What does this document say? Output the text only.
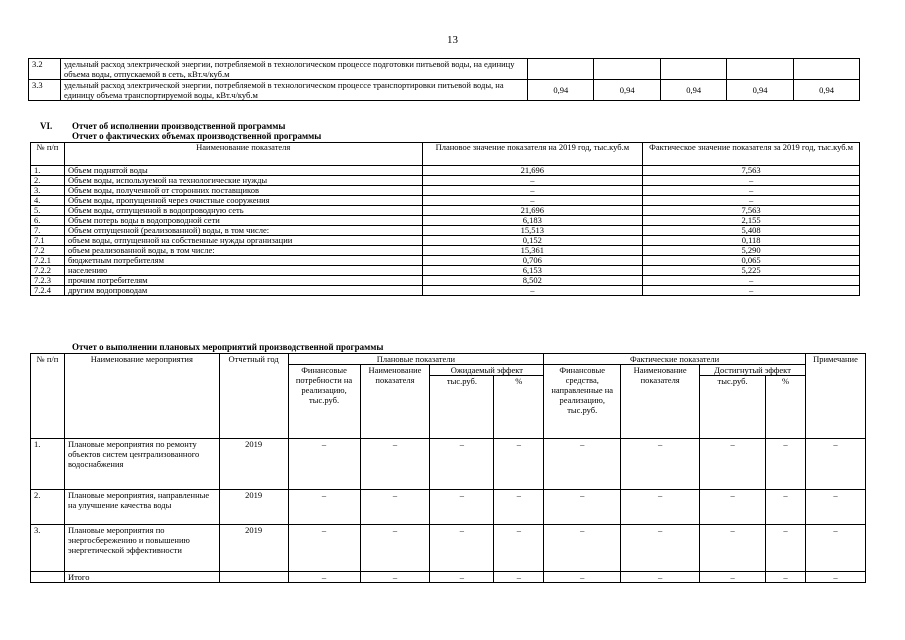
13
3.2	удельный расход электрической энергии, потребляемой в технологическом процессе подготовки питьевой воды, на единицу объема воды, отпускаемой в сеть, кВт.ч/куб.м					
3.3	удельный расход электрической энергии, потребляемой в технологическом процессе транспортировки питьевой воды, на единицу объема транспортируемой воды, кВт.ч/куб.м	0,94	0,94	0,94	0,94	0,94
VI. Отчет об исполнении производственной программы
Отчет о фактических объемах производственной программы
№ п/п	Наименование показателя	Плановое значение показателя на 2019 год, тыс.куб.м	Фактическое значение показателя за 2019 год, тыс.куб.м
1.	Объем поднятой воды	21,696	7,563
2.	Объем воды, используемой на технологические нужды	–	–
3.	Объем воды, полученной от сторонних поставщиков	–	–
4.	Объем воды, пропущенной через очистные сооружения	–	–
5.	Объем воды, отпущенной в водопроводную сеть	21,696	7,563
6.	Объем потерь воды в водопроводной сети	6,183	2,155
7.	Объем отпущенной (реализованной) воды, в том числе:	15,513	5,408
7.1	объем воды, отпущенной на собственные нужды организации	0,152	0,118
7.2	объем реализованной воды, в том числе:	15,361	5,290
7.2.1	бюджетным потребителям	0,706	0,065
7.2.2	населению	6,153	5,225
7.2.3	прочим потребителям	8,502	–
7.2.4	другим водопроводам	–	–
Отчет о выполнении плановых мероприятий производственной программы
№ п/п	Наименование мероприятия	Отчетный год	Плановые показатели				Фактические показатели				Примечание
			Финансовые потребности на реализацию, тыс.руб.	Наименование показателя	Ожидаемый эффект		Финансовые средства, направленные на реализацию, тыс.руб.	Наименование показателя	Достигнутый эффект		
					тыс.руб.	%			тыс.руб.	%	
1.	Плановые мероприятия по ремонту объектов систем централизованного водоснабжения	2019	–	–	–	–	–	–	–	–	–
2.	Плановые мероприятия, направленные на улучшение качества воды	2019	–	–	–	–	–	–	–	–	–
3.	Плановые мероприятия по энергосбережению и повышению энергетической эффективности	2019	–	–	–	–	–	–	–	–	–
	Итого		–	–	–	–	–	–	–	–	–
